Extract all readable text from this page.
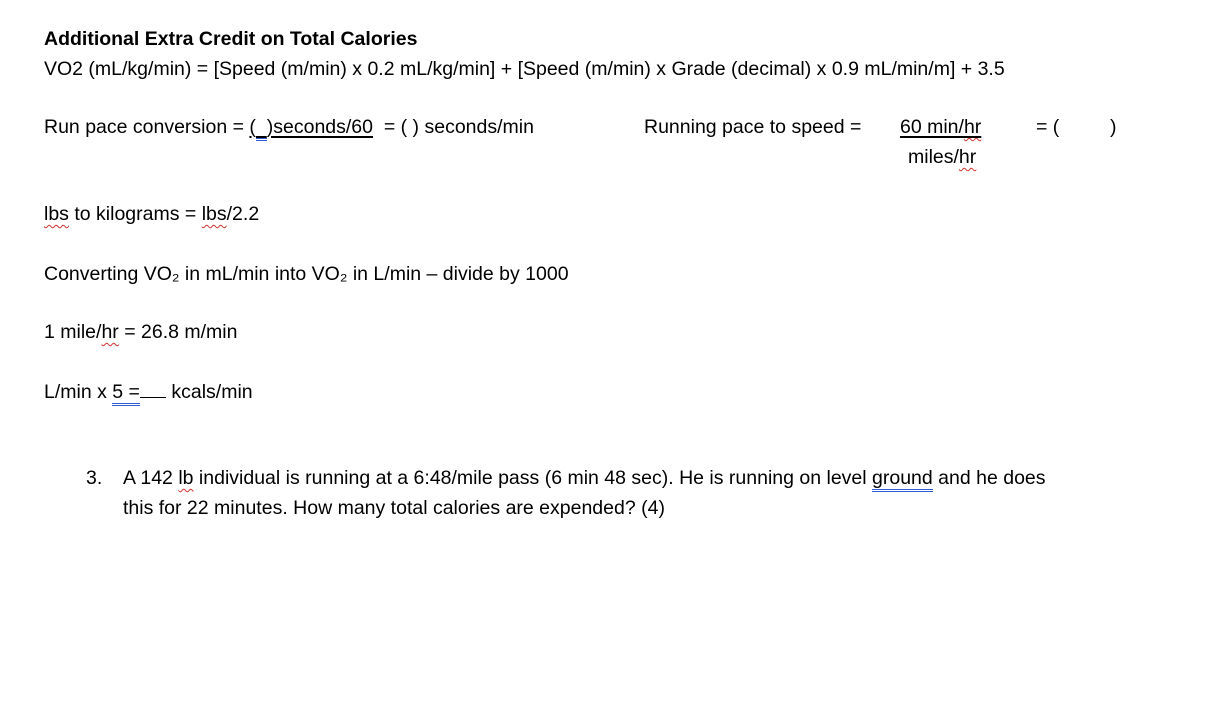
Additional Extra Credit on Total Calories
VO2 (mL/kg/min) = [Speed (m/min) x 0.2 mL/kg/min] + [Speed (m/min) x Grade (decimal) x 0.9 mL/min/m] + 3.5
Run pace conversion = ( )seconds/60  = ( ) seconds/min	Running pace to speed = 60 min/hr	= (	)
miles/hr
lbs to kilograms = lbs/2.2
Converting VO₂ in mL/min into VO₂ in L/min – divide by 1000
1 mile/hr = 26.8 m/min
L/min x 5 = kcals/min
3. A 142 lb individual is running at a 6:48/mile pass (6 min 48 sec). He is running on level ground and he does
this for 22 minutes. How many total calories are expended? (4)
